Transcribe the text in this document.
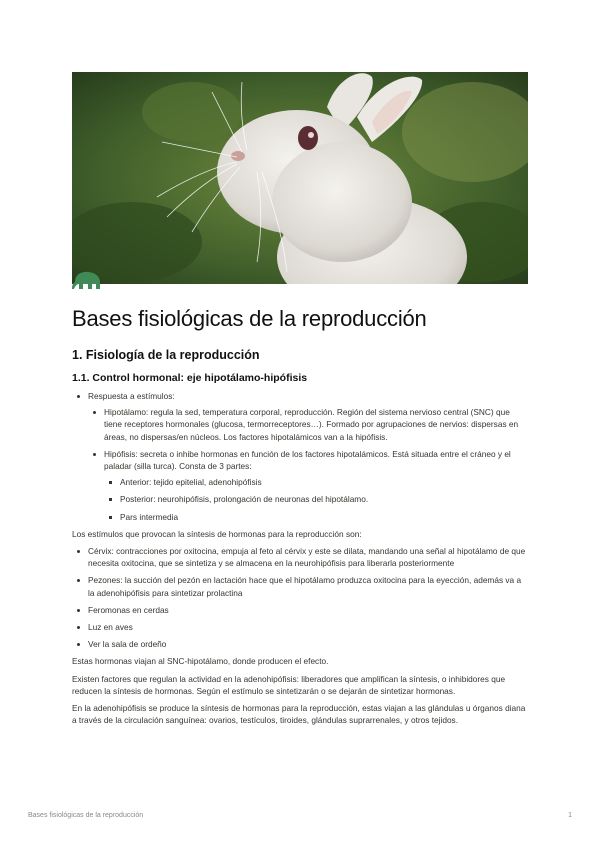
Bases fisiológicas de la reproducción
1. Fisiología de la reproducción
1.1. Control hormonal: eje hipotálamo-hipófisis
Respuesta a estímulos:
Hipotálamo: regula la sed, temperatura corporal, reproducción. Región del sistema nervioso central (SNC) que tiene receptores hormonales (glucosa, termorreceptores…). Formado por agrupaciones de nervios: dispersas en áreas, no dispersas/en núcleos. Los factores hipotalámicos van a la hipófisis.
Hipófisis: secreta o inhibe hormonas en función de los factores hipotalámicos. Está situada entre el cráneo y el paladar (silla turca). Consta de 3 partes:
Anterior: tejido epitelial, adenohipófisis
Posterior: neurohipófisis, prolongación de neuronas del hipotálamo.
Pars intermedia

Los estímulos que provocan la síntesis de hormonas para la reproducción son:

Cérvix: contracciones por oxitocina, empuja al feto al cérvix y este se dilata, mandando una señal al hipotálamo de que necesita oxitocina, que se sintetiza y se almacena en la neurohipófisis para liberarla posteriormente
Pezones: la succión del pezón en lactación hace que el hipotálamo produzca oxitocina para la eyección, además va a la adenohipófisis para sintetizar prolactina
Feromonas en cerdas
Luz en aves
Ver la sala de ordeño

Estas hormonas viajan al SNC-hipotálamo, donde producen el efecto.

Existen factores que regulan la actividad en la adenohipófisis: liberadores que amplifican la síntesis, o inhibidores que reducen la síntesis de hormonas. Según el estímulo se sintetizarán o se dejarán de sintetizar hormonas.

En la adenohipófisis se produce la síntesis de hormonas para la reproducción, estas viajan a las glándulas u órganos diana a través de la circulación sanguínea: ovarios, testículos, tiroides, glándulas suprarrenales, y otros tejidos.

Bases fisiológicas de la reproducción	1
